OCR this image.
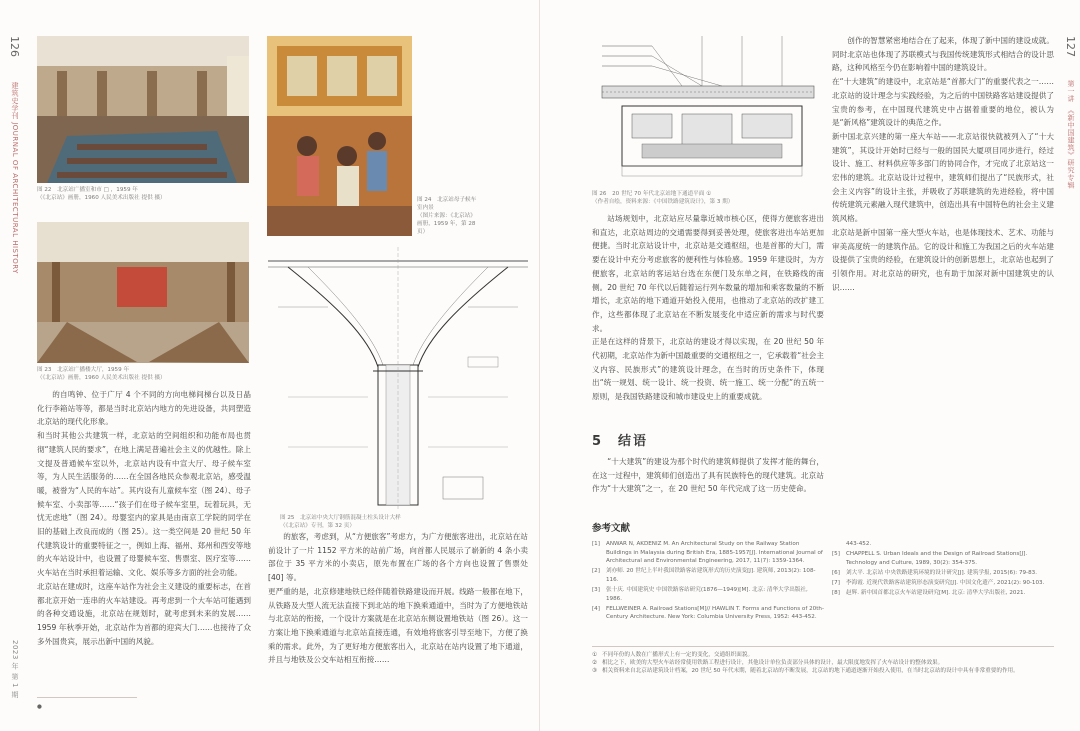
126
建筑史学刊 JOURNAL OF ARCHITECTURAL HISTORY
2023 年 第 1 期
图 22　北京站广播室和市 □ ，1959 年
（《北京站》画册，1960 人民美术出版社 提供 摄）	图 24　北京站母子候车室内景
（图片来源：《北京站》画册，1959 年，第 28 页）
图 23　北京站广播楼大厅，1959 年
（《北京站》画册，1960 人民美术出版社 提供 摄）
图 25　北京站中央大厅钢筋混凝土柱头设计大样
（《北京站》专刊，第 32 页）

的自鸣钟、位于广厅 4 个不同的方向电梯间梯台以及日晶化行李箱站等等，都是当时北京站内地方的先进设备，共同塑造北京站的现代化形象。
和当时其他公共建筑一样，北京站的空间组织和功能布局也贯彻“建筑人民的要求”，在地上满足普遍社会主义的优越性。除上文提及普通候车室以外，北京站内设有中宣大厅、母子候车室等，为人民生活服务的……在全国各地民众参观北京站，感受温暖，被誉为“人民的车站”。其内设有儿童候车室（图 24）、母子候车室、小卖部等……“孩子们在母子候车室里，玩着玩具，无忧无虑地”（图 24）。母婴室内的家具是由南京工学院的同学在旧的基础上改良而成的（图 25）。这一类空间是 20 世纪 50 年代建筑设计的重要特征之一，例如上海、福州、郑州和西安等地的火车站设计中，也设置了母婴候车室、售票室、医疗室等……火车站在当时承担着运输、文化、娱乐等多方面的社会功能。
北京站在建成时，这座车站作为社会主义建设的重要标志，在首都北京开始一连串的火车站建设。再考虑到一个大车站可能遇到的各种交通设施，北京站在规划时，就考虑到未来的发展……1959 年秋季开始，北京站作为首都的迎宾大门……也接待了众多外国贵宾，展示出新中国的风貌。

的旅客，考虑到，从“方便旅客”考虑方，为广方便旅客进出，北京站在站前设计了一片 1152 平方米的站前广场，向首都人民展示了崭新的 4 条小卖部位于 35 平方米的小卖店，原先布置在广场的各个方向也设置了售票处 [40] 等。
更严重的是，北京修建地铁已经伴随着铁路建设而开展。线路一般都在地下，从铁路及大型人流无法直接下到北站的地下换乘通道中，当时为了方便地铁站与北京站的衔接，一个设计方案就是在北京站东侧设置地铁站（图 26）。这一方案让地下换乘通道与北京站直接连通，有效地将旅客引导至地下，方便了换乘的需求。此外，为了更好地方便旅客出入，北京站在站内设置了地下通道，并且与地铁及公交车站相互衔接……

●
127
第一讲　《新中国建筑》研究专辑
图 26　20 世纪 70 年代北京站地下通道平面 ①
（作者自绘，资料来源：《中国铁路建筑设计》，第 3 期）

站场规划中，北京站应尽量靠近城市核心区，使得方便旅客进出和直达，北京站周边的交通需要得到妥善处理，使旅客进出车站更加便捷。当时北京站设计中，北京站是交通枢纽，也是首都的大门，需要在设计中充分考虑旅客的便利性与体验感。1959 年建设时，为方便旅客，北京站的客运站台选在东便门及东单之间，在铁路线的南侧。20 世纪 70 年代以后随着运行列车数量的增加和乘客数量的不断增长，北京站的地下通道开始投入使用，也推动了北京站的改扩建工作，这些都体现了北京站在不断发展变化中适应新的需求与时代要求。
正是在这样的背景下，北京站的建设才得以实现，在 20 世纪 50 年代初期，北京站作为新中国最重要的交通枢纽之一，它承载着“社会主义内容、民族形式”的建筑设计理念，在当时的历史条件下，体现出“统一规划、统一设计、统一投资、统一施工、统一分配”的五统一原则，是我国铁路建设和城市建设史上的重要成就。

5　结语

“十大建筑”的建设为那个时代的建筑师提供了发挥才能的舞台，在这一过程中，建筑师们创造出了具有民族特色的现代建筑。北京站作为“十大建筑”之一，在 20 世纪 50 年代完成了这一历史使命。

创作的智慧紧密地结合在了起来，体现了新中国的建设成就。同时北京站也体现了苏联模式与我国传统建筑形式相结合的设计思路，这种风格至今仍在影响着中国的建筑设计。
在“十大建筑”的建设中，北京站是“首都大门”的重要代表之一……北京站的设计理念与实践经验，为之后的中国铁路客站建设提供了宝贵的参考，在中国现代建筑史中占据着重要的地位，被认为是“新风格”建筑设计的典范之作。
新中国北京兴建的第一座大车站——北京站很快就被列入了“十大建筑”，其设计开始时已经与一般的国民大厦项目同步进行，经过设计、施工、材料供应等多部门的协同合作，才完成了北京站这一宏伟的建筑。北京站设计过程中，建筑师们提出了“民族形式，社会主义内容”的设计主张，并吸收了苏联建筑的先进经验，将中国传统建筑元素融入现代建筑中，创造出具有中国特色的社会主义建筑风格。
北京站是新中国第一座大型火车站，也是体现技术、艺术、功能与审美高度统一的建筑作品。它的设计和施工为我国之后的火车站建设提供了宝贵的经验，在建筑设计的创新思想上，北京站也起到了引领作用。对北京站的研究，也有助于加深对新中国建筑史的认识……

参考文献
[1]	ANWAR N, AKDENIZ M. An Architectural Study on the Railway Station Buildings in Malaysia during British Era, 1885-1957[J]. International Journal of Architectural and Environmental Engineering, 2017, 11(7): 1359-1364.
[2]	刘亦师. 20 世纪上半叶我国铁路客站建筑形式的历史演变[J]. 建筑师, 2013(2): 108-116.
[3]	张十庆. 中国建筑史 中国铁路客站研究(1876—1949)[M]. 北京: 清华大学出版社, 1986.
[4]	FELLWEINER A. Railroad Stations[M]// HAWLIN T. Forms and Functions of 20th-Century Architecture. New York: Columbia University Press, 1952: 443-452.
443-452.
[5]	CHAPPELL S. Urban Ideals and the Design of Railroad Stations[J]. Technology and Culture, 1989, 30(2): 354-375.
[6]	刘大平. 北京站 中央铁路建筑环境的设计研究[J]. 建筑学报, 2015(6): 79-83.
[7]	李海霞. 近现代铁路客站建筑形态演变研究[J]. 中国文化遗产, 2021(2): 90-103.
[8]	赵辉. 新中国首都北京火车站建设研究[M]. 北京: 清华大学出版社, 2021.
① 不同年份的人数在广播形式上有一定的变化，交通组织面貌。
② 相比之下，欧美的大型火车站经常使用铁路工程进行设计，其他设计单位负责部分具体的设计，最大限度地发挥了火车站设计的整体效果。
③ 相关资料来自北京站建筑设计档案，20 世纪 50 年代末期，随着北京站的不断发展，北京站的地下通道逐渐开始投入使用，在当时北京站的设计中具有非常重要的作用。
